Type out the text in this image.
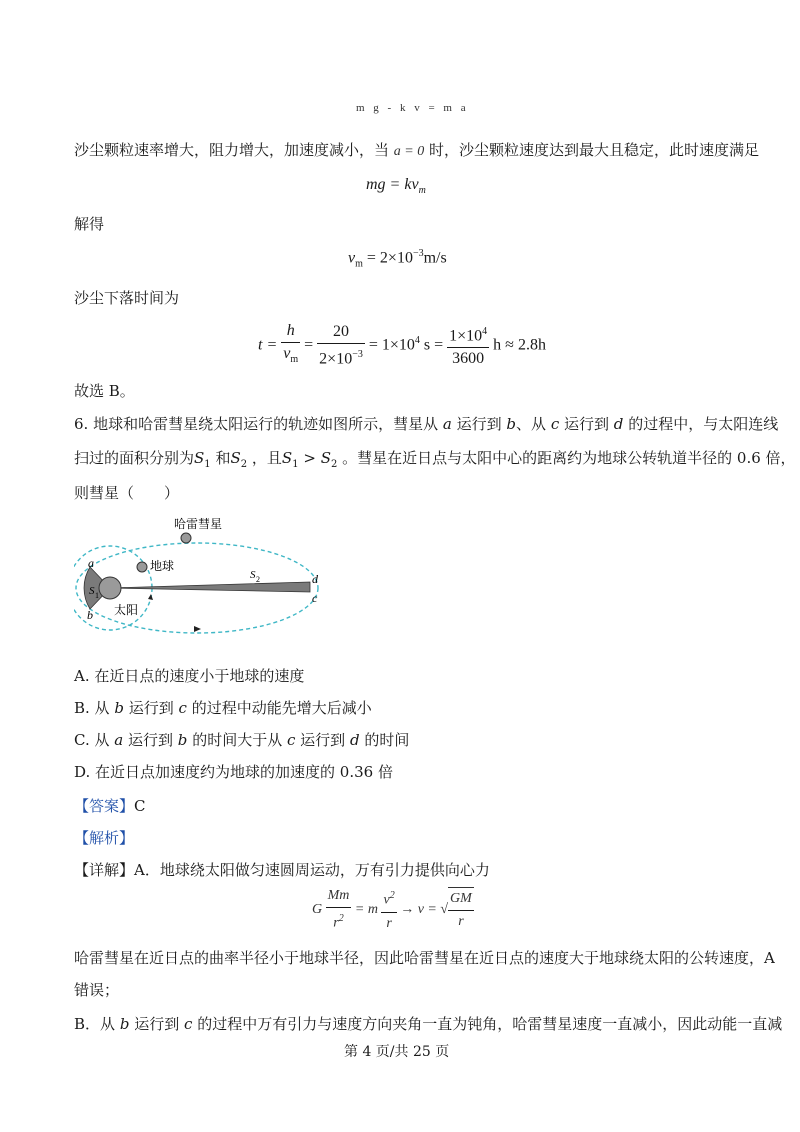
m g - k v = m a
沙尘颗粒速率增大，阻力增大，加速度减小，当 a = 0 时，沙尘颗粒速度达到最大且稳定，此时速度满足
mg = $kv_m$
解得
$v_m = 2\times 10^{-3}m/s$
沙尘下落时间为
$t = \frac{h}{v_m} = \frac{20}{2\times 10^{-3}} = 1\times 10^4$ $s = \frac{1\times 10^4}{3600}$ h ≈ 2.8h
故选 B。
6. 地球和哈雷彗星绕太阳运行的轨迹如图所示，彗星从 a 运行到 b、从 c 运行到 d 的过程中，与太阳连线
扫过的面积分别为$S_1$ 和$S_2$ ，且$S_1 > S_2$ 。彗星在近日点与太阳中心的距离约为地球公转轨道半径的 0.6 倍，
则彗星（　　）
哈雷彗星
地球
太阳
a
b
d
c
S 1
S 2
A. 在近日点的速度小于地球的速度
B. 从 b 运行到 c 的过程中动能先增大后减小
C. 从 a 运行到 b 的时间大于从 c 运行到 d 的时间
D. 在近日点加速度约为地球的加速度的 0.36 倍
【答案】C
【解析】
【详解】A．地球绕太阳做匀速圆周运动，万有引力提供向心力
G $\frac{Mm}{r^2} = m \frac{v^2}{r} \to v$ = √ $\frac{GM}{r}$
哈雷彗星在近日点的曲率半径小于地球半径，因此哈雷彗星在近日点的速度大于地球绕太阳的公转速度，A
错误；
B．从 b 运行到 c 的过程中万有引力与速度方向夹角一直为钝角，哈雷彗星速度一直减小，因此动能一直减
第 4 页/共 25 页
